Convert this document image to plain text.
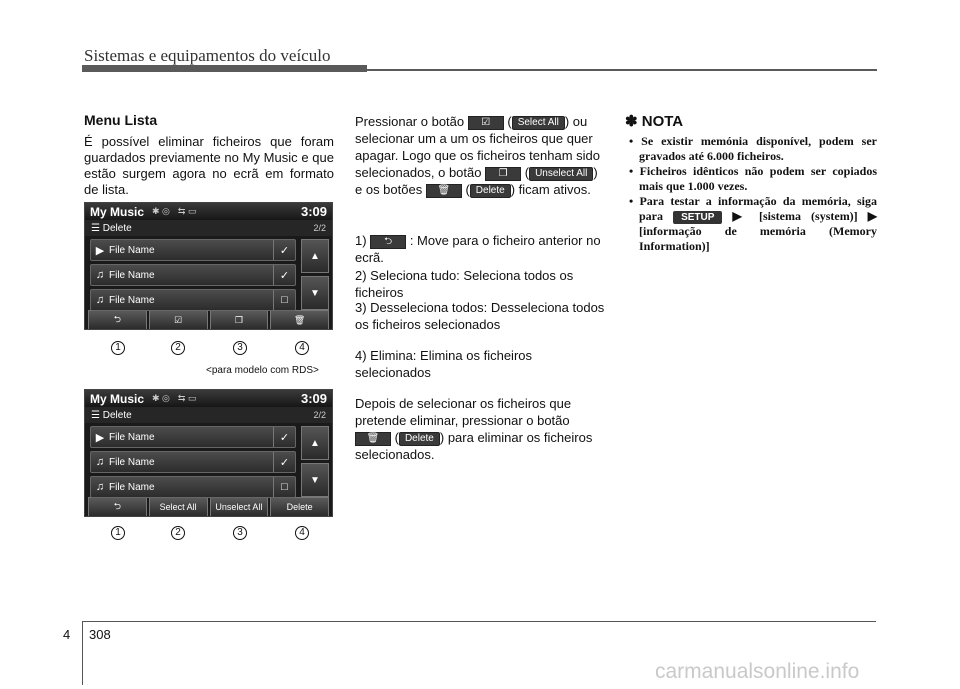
Sistemas e equipamentos do veículo
Menu Lista
É possível eliminar ficheiros que foram guardados previamente no My Music e que estão surgem agora no ecrã em formato de lista.
My Music ✱ ◎ ⇆ ▭	3:09
☰ Delete	2/2
▶ File Name	✓
♫ File Name	✓
♫ File Name	□
▲
▼
⮌	☑	❐	🗑
1	2	3	4
<para modelo com RDS>
My Music ✱ ◎ ⇆ ▭	3:09
☰ Delete	2/2
▶ File Name	✓
♫ File Name	✓
♫ File Name	□
▲
▼
⮌	Select All	Unselect All	Delete
1	2	3	4
Pressionar o botão ☑ ( Select All ) ou selecionar um a um os ficheiros que quer apagar. Logo que os ficheiros tenham sido selecionados, o botão ❐ ( Unselect All ) e os botões 🗑 ( Delete ) ficam ativos.
1) ⮌ : Move para o ficheiro anterior no ecrã.
2) Seleciona tudo: Seleciona todos os ficheiros
3) Desseleciona todos: Desseleciona todos os ficheiros selecionados
4) Elimina: Elimina os ficheiros selecionados
Depois de selecionar os ficheiros que pretende eliminar, pressionar o botão 🗑 ( Delete ) para eliminar os ficheiros selecionados.
✽ NOTA
• Se existir memónia disponível, podem ser gravados até 6.000 ficheiros.
• Ficheiros idênticos não podem ser copiados mais que 1.000 vezes.
• Para testar a informação da memória, siga para SETUP ▶ [sistema (system)] ▶ [informação de memória (Memory Information)]
4 308
carmanualsonline.info
